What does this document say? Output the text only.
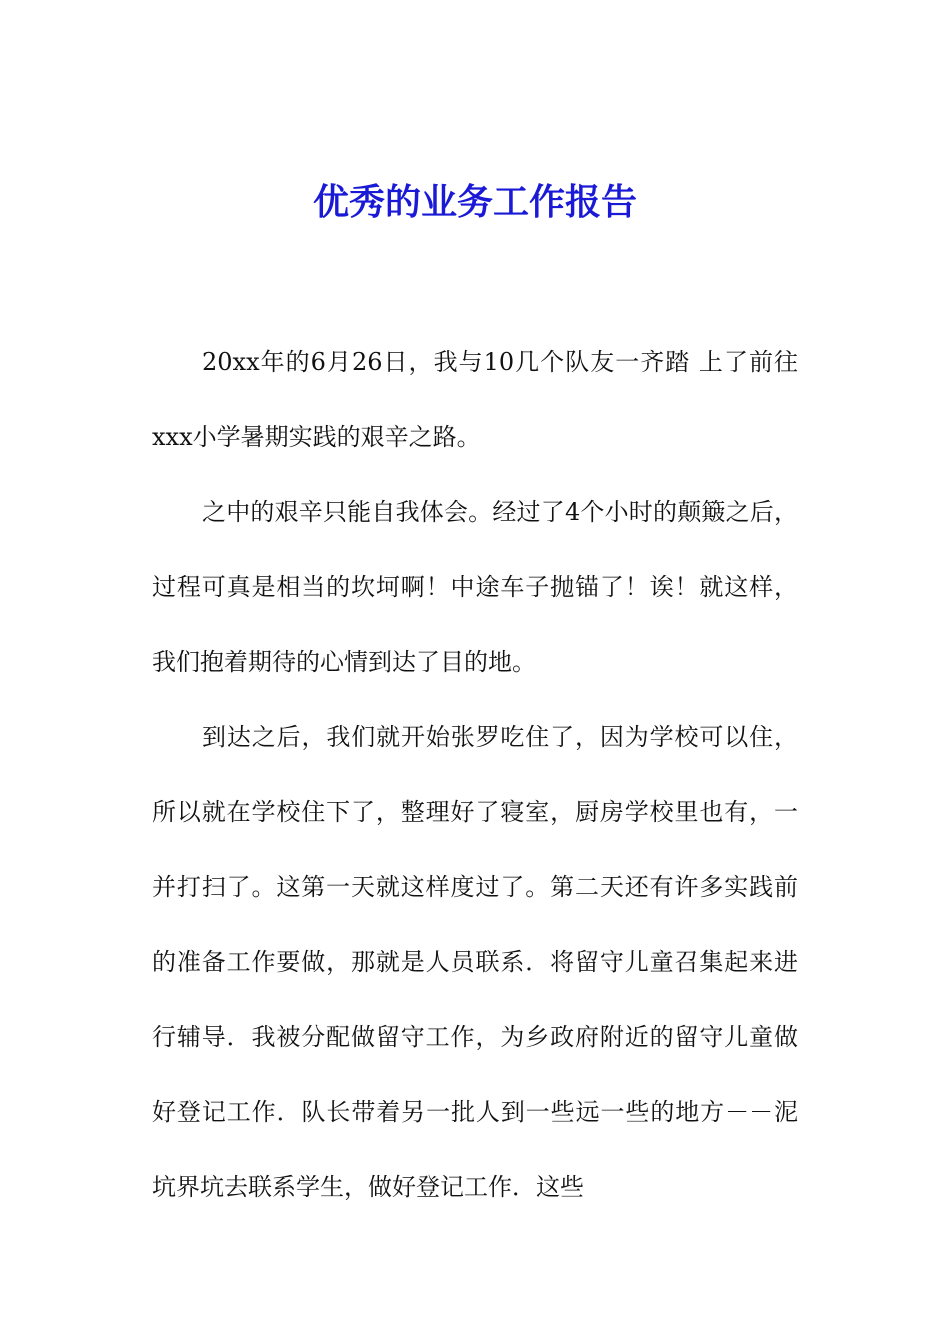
优秀的业务工作报告

20xx年的6月26日，我与10几个队友一齐踏 上了前往xxx小学暑期实践的艰辛之路。

之中的艰辛只能自我体会。经过了4个小时的颠簸之后，过程可真是相当的坎坷啊！中途车子抛锚了！诶！就这样，我们抱着期待的心情到达了目的地。

到达之后，我们就开始张罗吃住了，因为学校可以住，所以就在学校住下了，整理好了寝室，厨房学校里也有，一并打扫了。这第一天就这样度过了。第二天还有许多实践前的准备工作要做，那就是人员联系．将留守儿童召集起来进行辅导．我被分配做留守工作，为乡政府附近的留守儿童做好登记工作．队长带着另一批人到一些远一些的地方－－泥坑界坑去联系学生，做好登记工作．这些
